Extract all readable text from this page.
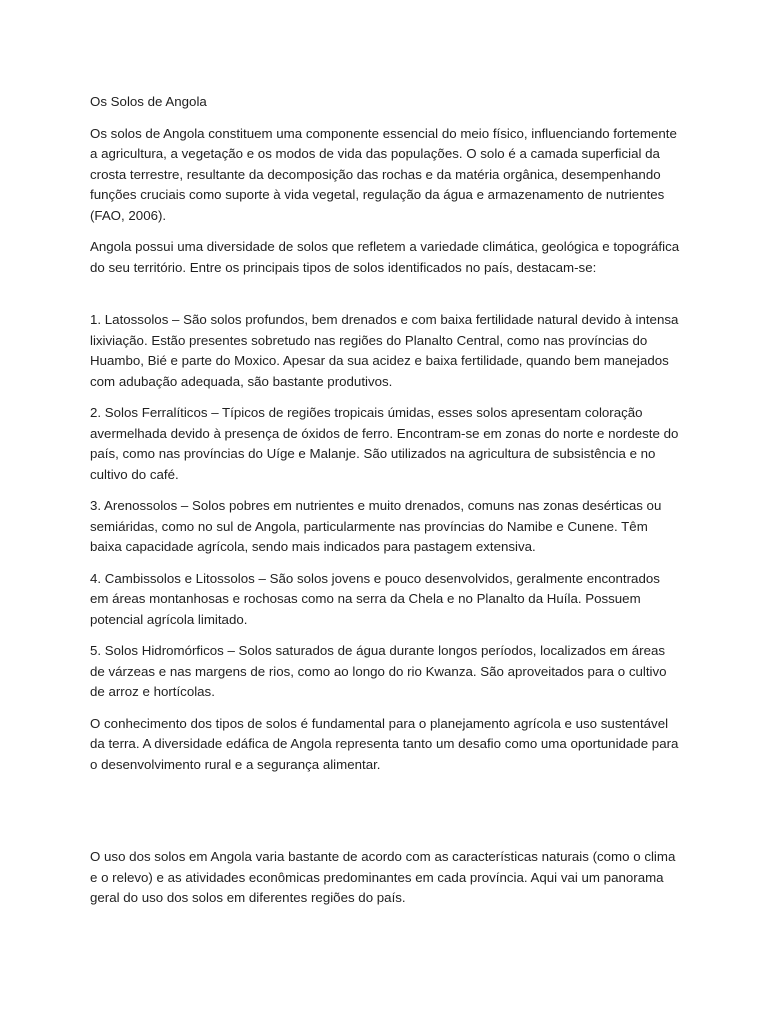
Os Solos de Angola

Os solos de Angola constituem uma componente essencial do meio físico, influenciando fortemente a agricultura, a vegetação e os modos de vida das populações. O solo é a camada superficial da crosta terrestre, resultante da decomposição das rochas e da matéria orgânica, desempenhando funções cruciais como suporte à vida vegetal, regulação da água e armazenamento de nutrientes (FAO, 2006).

Angola possui uma diversidade de solos que refletem a variedade climática, geológica e topográfica do seu território. Entre os principais tipos de solos identificados no país, destacam-se:

1. Latossolos – São solos profundos, bem drenados e com baixa fertilidade natural devido à intensa lixiviação. Estão presentes sobretudo nas regiões do Planalto Central, como nas províncias do Huambo, Bié e parte do Moxico. Apesar da sua acidez e baixa fertilidade, quando bem manejados com adubação adequada, são bastante produtivos.

2. Solos Ferralíticos – Típicos de regiões tropicais úmidas, esses solos apresentam coloração avermelhada devido à presença de óxidos de ferro. Encontram-se em zonas do norte e nordeste do país, como nas províncias do Uíge e Malanje. São utilizados na agricultura de subsistência e no cultivo do café.

3. Arenossolos – Solos pobres em nutrientes e muito drenados, comuns nas zonas desérticas ou semiáridas, como no sul de Angola, particularmente nas províncias do Namibe e Cunene. Têm baixa capacidade agrícola, sendo mais indicados para pastagem extensiva.

4. Cambissolos e Litossolos – São solos jovens e pouco desenvolvidos, geralmente encontrados em áreas montanhosas e rochosas como na serra da Chela e no Planalto da Huíla. Possuem potencial agrícola limitado.

5. Solos Hidromórficos – Solos saturados de água durante longos períodos, localizados em áreas de várzeas e nas margens de rios, como ao longo do rio Kwanza. São aproveitados para o cultivo de arroz e hortícolas.

O conhecimento dos tipos de solos é fundamental para o planejamento agrícola e uso sustentável da terra. A diversidade edáfica de Angola representa tanto um desafio como uma oportunidade para o desenvolvimento rural e a segurança alimentar.

O uso dos solos em Angola varia bastante de acordo com as características naturais (como o clima e o relevo) e as atividades econômicas predominantes em cada província. Aqui vai um panorama geral do uso dos solos em diferentes regiões do país.
